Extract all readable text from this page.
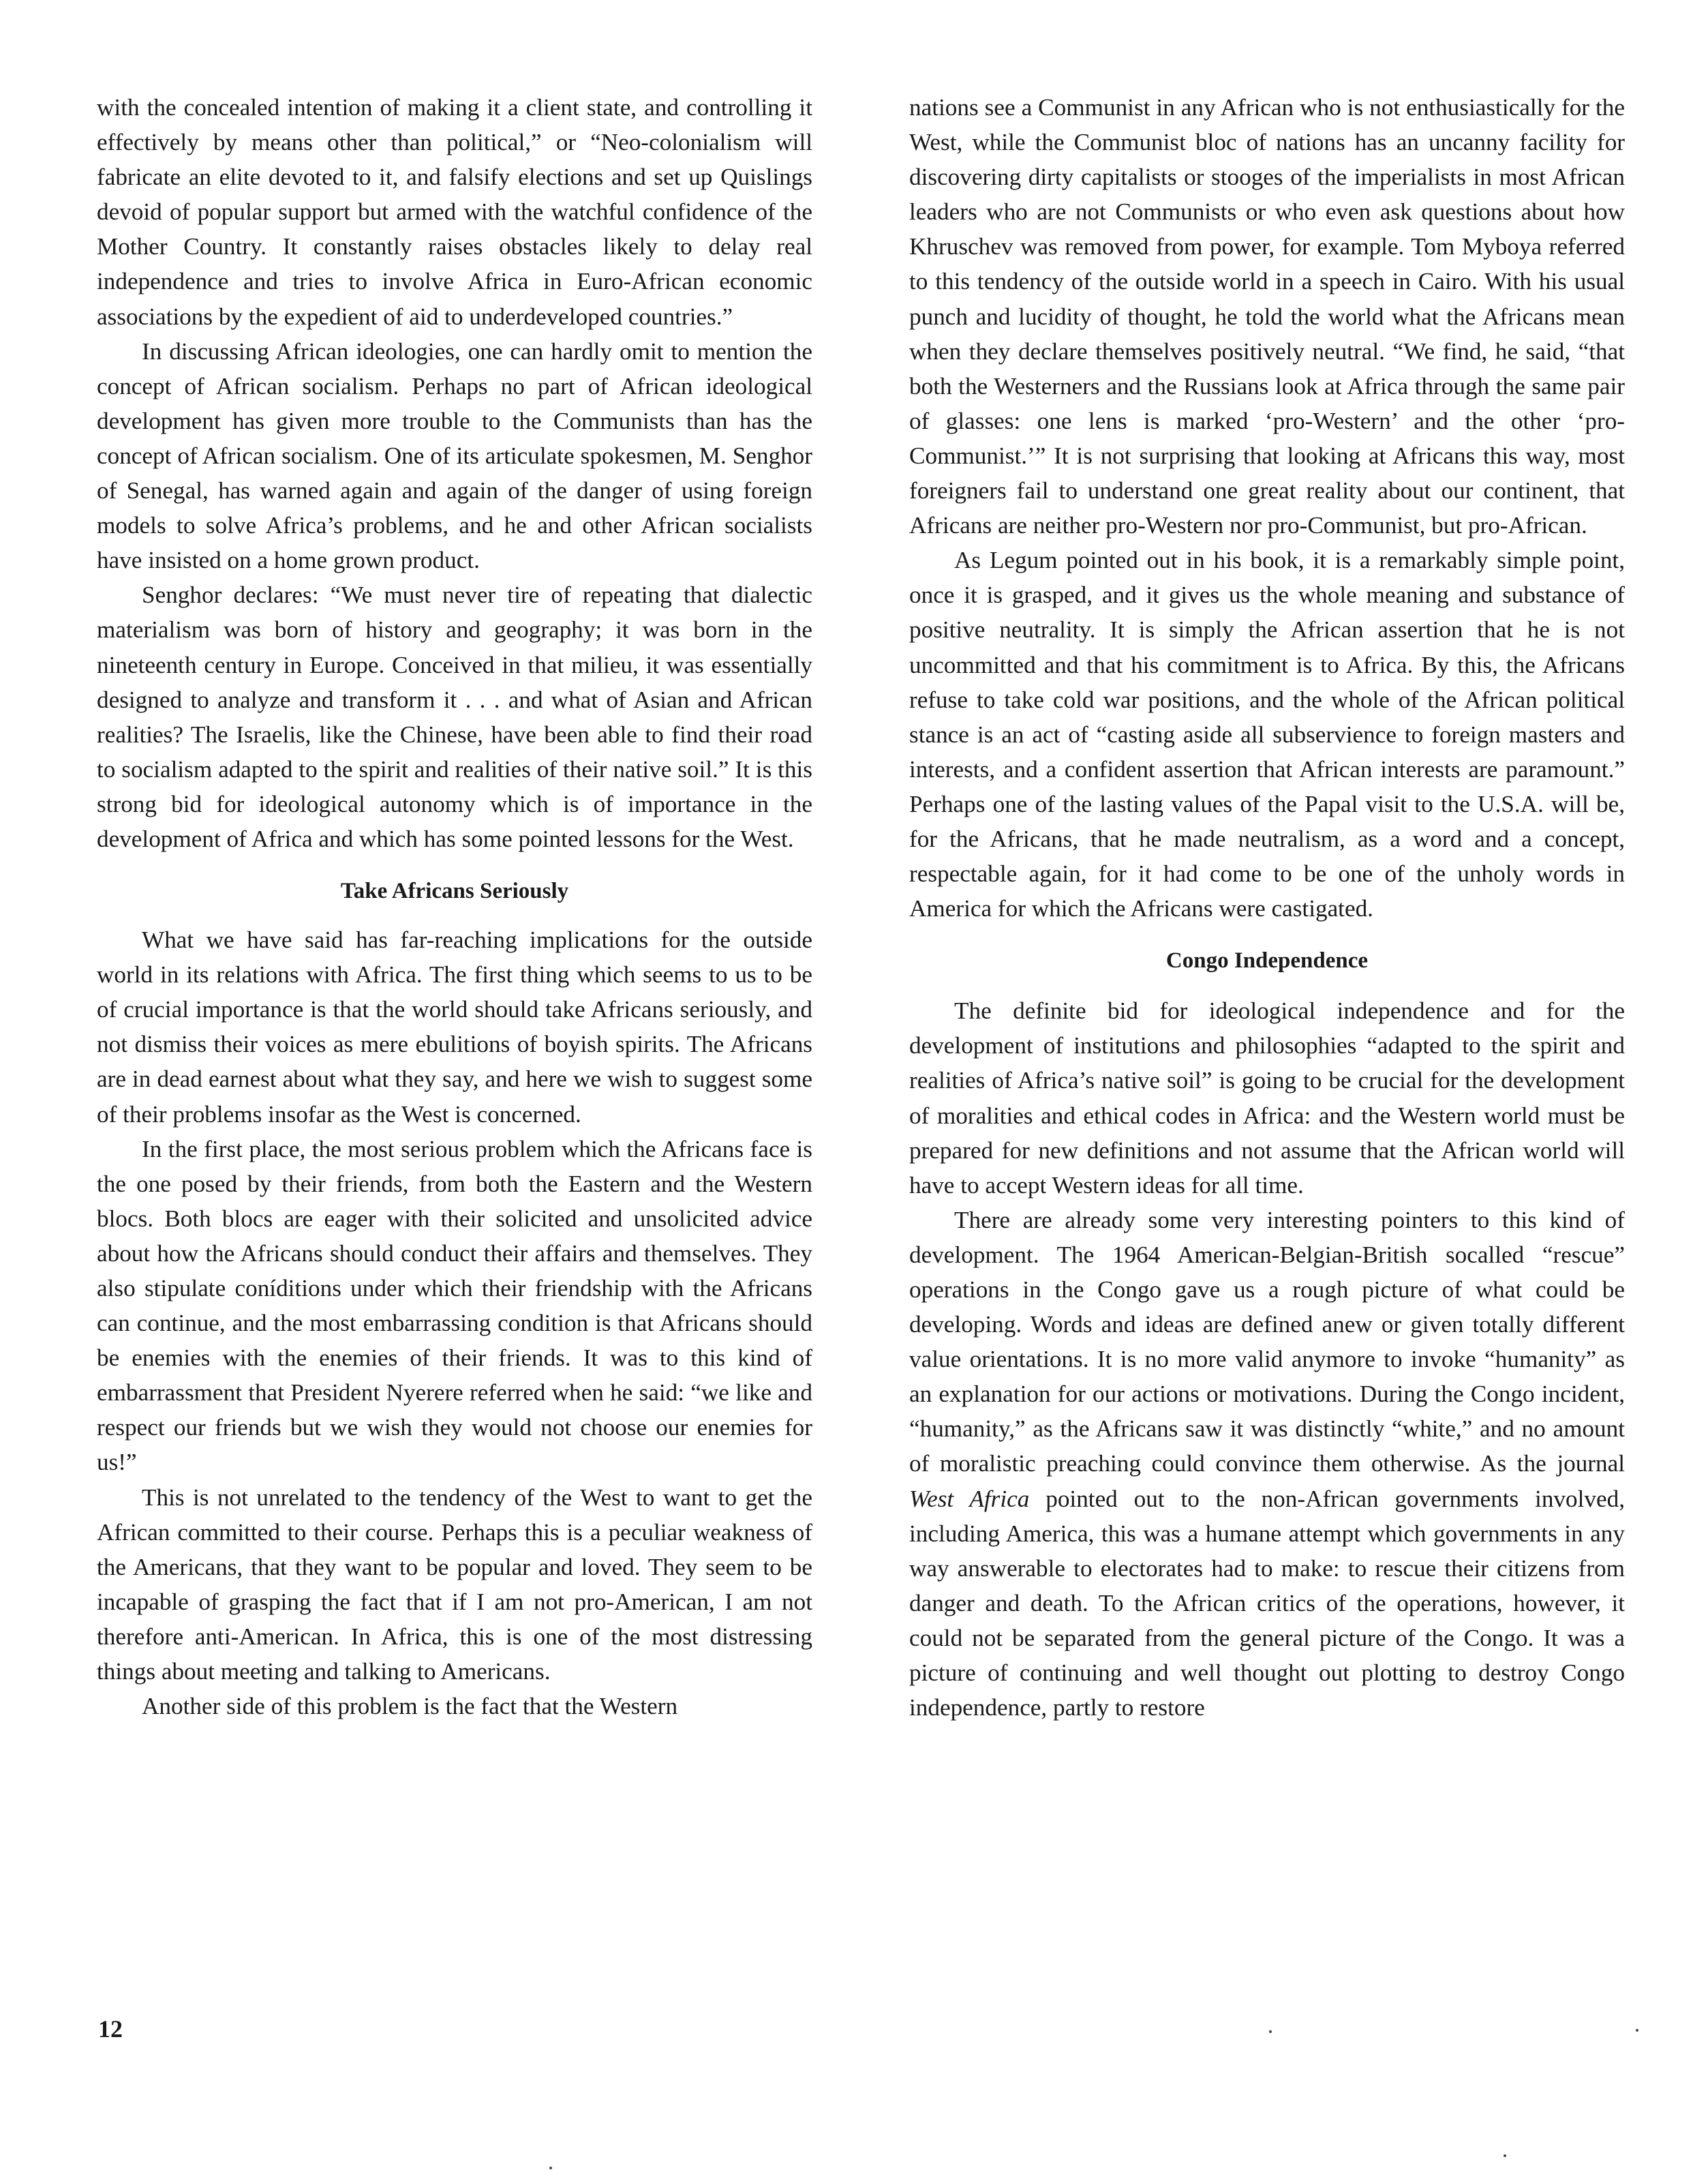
with the concealed intention of making it a client state, and controlling it effectively by means other than political,” or “Neo-colonialism will fabricate an elite devoted to it, and falsify elections and set up Quislings devoid of popular support but armed with the watchful confidence of the Mother Country. It constantly raises obstacles likely to delay real independence and tries to involve Africa in Euro-African economic associations by the expedient of aid to underdeveloped countries.”

In discussing African ideologies, one can hardly omit to mention the concept of African socialism. Perhaps no part of African ideological development has given more trouble to the Communists than has the concept of African socialism. One of its articulate spokesmen, M. Senghor of Senegal, has warned again and again of the danger of using foreign models to solve Africa’s problems, and he and other African socialists have insisted on a home grown product.

Senghor declares: “We must never tire of repeating that dialectic materialism was born of history and geography; it was born in the nineteenth century in Europe. Conceived in that milieu, it was essentially designed to analyze and transform it . . . and what of Asian and African realities? The Israelis, like the Chinese, have been able to find their road to socialism adapted to the spirit and realities of their native soil.” It is this strong bid for ideological autonomy which is of importance in the development of Africa and which has some pointed lessons for the West.

Take Africans Seriously

What we have said has far-reaching implications for the outside world in its relations with Africa. The first thing which seems to us to be of crucial importance is that the world should take Africans seriously, and not dismiss their voices as mere ebulitions of boyish spirits. The Africans are in dead earnest about what they say, and here we wish to suggest some of their problems insofar as the West is concerned.

In the first place, the most serious problem which the Africans face is the one posed by their friends, from both the Eastern and the Western blocs. Both blocs are eager with their solicited and unsolicited advice about how the Africans should conduct their affairs and themselves. They also stipulate coníditions under which their friendship with the Africans can continue, and the most embarrassing condition is that Africans should be enemies with the enemies of their friends. It was to this kind of embarrassment that President Nyerere referred when he said: “we like and respect our friends but we wish they would not choose our enemies for us!”

This is not unrelated to the tendency of the West to want to get the African committed to their course. Perhaps this is a peculiar weakness of the Americans, that they want to be popular and loved. They seem to be incapable of grasping the fact that if I am not pro-American, I am not therefore anti-American. In Africa, this is one of the most distressing things about meeting and talking to Americans.

Another side of this problem is the fact that the Western

nations see a Communist in any African who is not enthusiastically for the West, while the Communist bloc of nations has an uncanny facility for discovering dirty capitalists or stooges of the imperialists in most African leaders who are not Communists or who even ask questions about how Khruschev was removed from power, for example. Tom Myboya referred to this tendency of the outside world in a speech in Cairo. With his usual punch and lucidity of thought, he told the world what the Africans mean when they declare themselves positively neutral. “We find, he said, “that both the Westerners and the Russians look at Africa through the same pair of glasses: one lens is marked ‘pro-Western’ and the other ‘pro-Communist.’” It is not surprising that looking at Africans this way, most foreigners fail to understand one great reality about our continent, that Africans are neither pro-Western nor pro-Communist, but pro-African.

As Legum pointed out in his book, it is a remarkably simple point, once it is grasped, and it gives us the whole meaning and substance of positive neutrality. It is simply the African assertion that he is not uncommitted and that his commitment is to Africa. By this, the Africans refuse to take cold war positions, and the whole of the African political stance is an act of “casting aside all subservience to foreign masters and interests, and a confident assertion that African interests are paramount.” Perhaps one of the lasting values of the Papal visit to the U.S.A. will be, for the Africans, that he made neutralism, as a word and a concept, respectable again, for it had come to be one of the unholy words in America for which the Africans were castigated.

Congo Independence

The definite bid for ideological independence and for the development of institutions and philosophies “adapted to the spirit and realities of Africa’s native soil” is going to be crucial for the development of moralities and ethical codes in Africa: and the Western world must be prepared for new definitions and not assume that the African world will have to accept Western ideas for all time.

There are already some very interesting pointers to this kind of development. The 1964 American-Belgian-British socalled “rescue” operations in the Congo gave us a rough picture of what could be developing. Words and ideas are defined anew or given totally different value orientations. It is no more valid anymore to invoke “humanity” as an explanation for our actions or motivations. During the Congo incident, “humanity,” as the Africans saw it was distinctly “white,” and no amount of moralistic preaching could convince them otherwise. As the journal West Africa pointed out to the non-African governments involved, including America, this was a humane attempt which governments in any way answerable to electorates had to make: to rescue their citizens from danger and death. To the African critics of the operations, however, it could not be separated from the general picture of the Congo. It was a picture of continuing and well thought out plotting to destroy Congo independence, partly to restore

12
